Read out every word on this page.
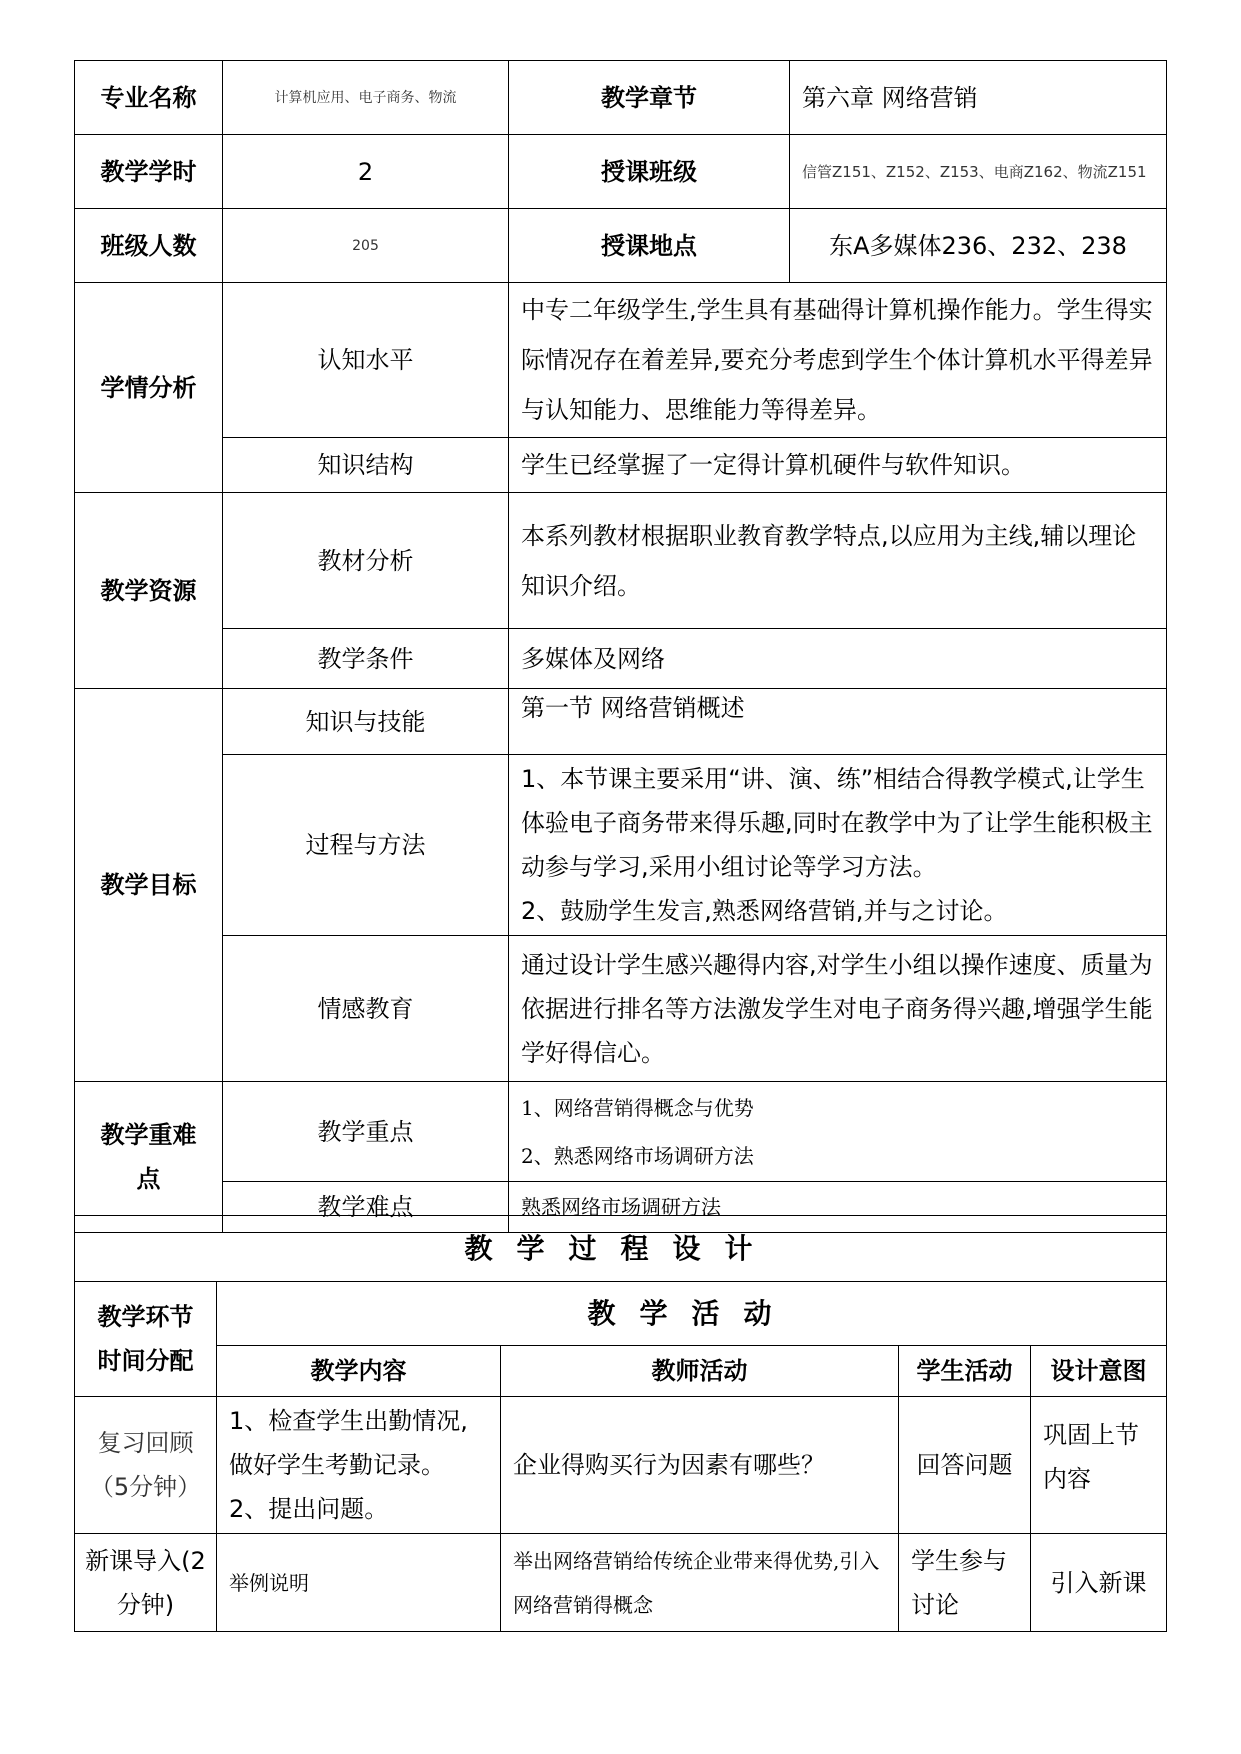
专业名称	计算机应用、电子商务、物流	教学章节	第六章 网络营销
教学学时	2	授课班级	信管Z151、Z152、Z153、电商Z162、物流Z151
班级人数	205	授课地点	东A多媒体236、232、238
学情分析	认知水平	中专二年级学生,学生具有基础得计算机操作能力。学生得实际情况存在着差异,要充分考虑到学生个体计算机水平得差异与认知能力、思维能力等得差异。	
	知识结构	学生已经掌握了一定得计算机硬件与软件知识。	
教学资源	教材分析	本系列教材根据职业教育教学特点,以应用为主线,辅以理论知识介绍。	
	教学条件	多媒体及网络	
教学目标	知识与技能	第一节 网络营销概述	
	过程与方法	1、本节课主要采用“讲、演、练”相结合得教学模式,让学生体验电子商务带来得乐趣,同时在教学中为了让学生能积极主动参与学习,采用小组讨论等学习方法。
2、鼓励学生发言,熟悉网络营销,并与之讨论。	

	情感教育	通过设计学生感兴趣得内容,对学生小组以操作速度、质量为依据进行排名等方法激发学生对电子商务得兴趣,增强学生能学好得信心。	
教学重难点	教学重点	1、网络营销得概念与优势
2、熟悉网络市场调研方法	

	教学难点	熟悉网络市场调研方法	
教学过程设计				
教学环节时间分配	教学活动			
	教学内容	教师活动	学生活动	设计意图
复习回顾（5分钟）	1、检查学生出勤情况,做好学生考勤记录。
2、提出问题。	企业得购买行为因素有哪些？	回答问题	巩固上节内容
新课导入(2分钟)	举例说明	举出网络营销给传统企业带来得优势,引入网络营销得概念	学生参与讨论	引入新课
